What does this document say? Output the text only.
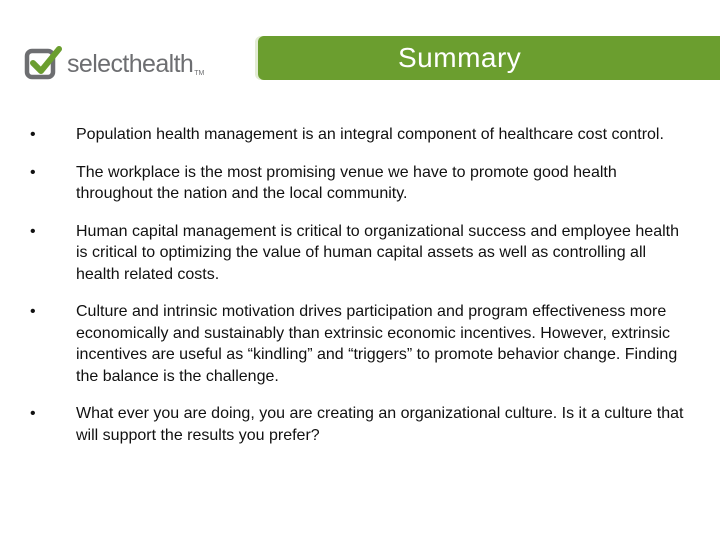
selecthealthTM	Summary
•	Population health management is an integral component of healthcare cost control.
•	The workplace is the most promising venue we have to promote good health throughout the nation and the local community.
•	Human capital management is critical to organizational success and employee health is critical to optimizing the value of human capital assets as well as controlling all health related costs.
•	Culture and intrinsic motivation drives participation and program effectiveness more economically and sustainably than extrinsic economic incentives. However, extrinsic incentives are useful as “kindling” and “triggers” to promote behavior change. Finding the balance is the challenge.
•	What ever you are doing, you are creating an organizational culture. Is it a culture that will support the results you prefer?
